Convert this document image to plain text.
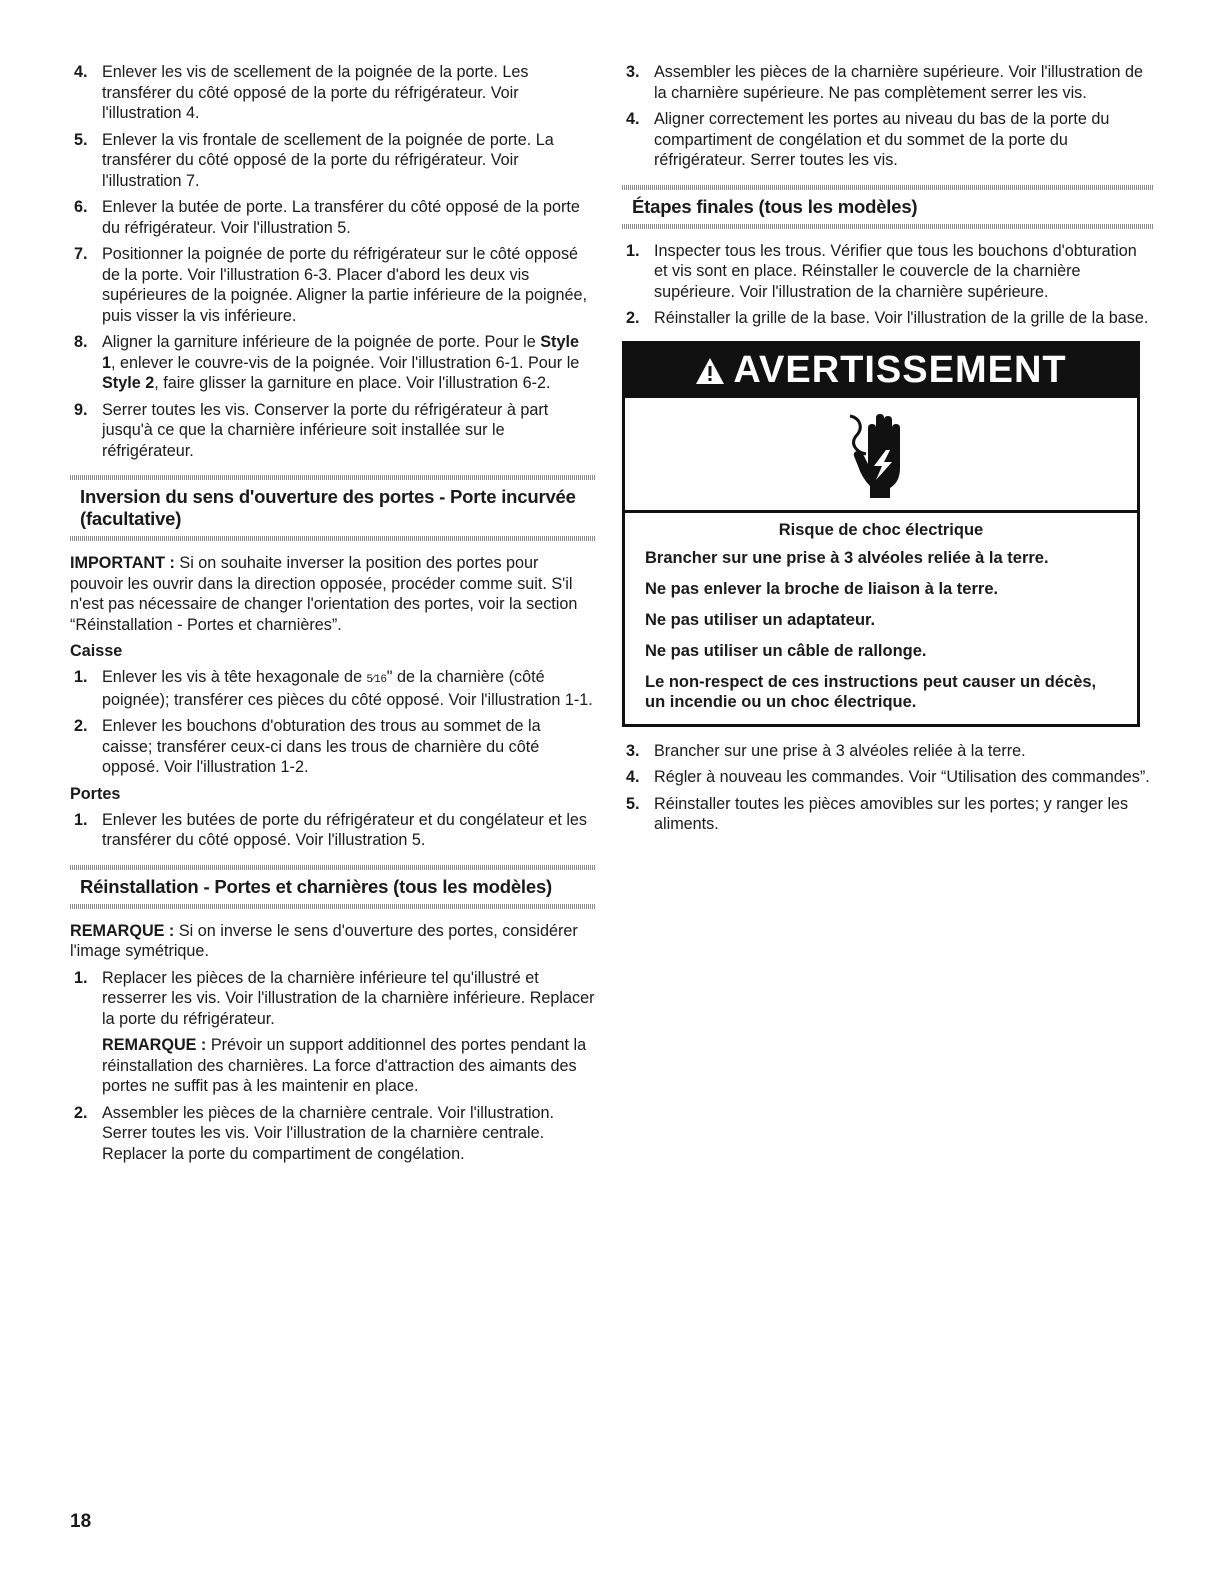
4. Enlever les vis de scellement de la poignée de la porte. Les transférer du côté opposé de la porte du réfrigérateur. Voir l'illustration 4.
5. Enlever la vis frontale de scellement de la poignée de porte. La transférer du côté opposé de la porte du réfrigérateur. Voir l'illustration 7.
6. Enlever la butée de porte. La transférer du côté opposé de la porte du réfrigérateur. Voir l'illustration 5.
7. Positionner la poignée de porte du réfrigérateur sur le côté opposé de la porte. Voir l'illustration 6-3. Placer d'abord les deux vis supérieures de la poignée. Aligner la partie inférieure de la poignée, puis visser la vis inférieure.
8. Aligner la garniture inférieure de la poignée de porte. Pour le Style 1, enlever le couvre-vis de la poignée. Voir l'illustration 6-1. Pour le Style 2, faire glisser la garniture en place. Voir l'illustration 6-2.
9. Serrer toutes les vis. Conserver la porte du réfrigérateur à part jusqu'à ce que la charnière inférieure soit installée sur le réfrigérateur.
Inversion du sens d'ouverture des portes - Porte incurvée (facultative)

IMPORTANT : Si on souhaite inverser la position des portes pour pouvoir les ouvrir dans la direction opposée, procéder comme suit. S'il n'est pas nécessaire de changer l'orientation des portes, voir la section “Réinstallation - Portes et charnières”.

Caisse
1. Enlever les vis à tête hexagonale de 5⁄16" de la charnière (côté poignée); transférer ces pièces du côté opposé. Voir l'illustration 1-1.
2. Enlever les bouchons d'obturation des trous au sommet de la caisse; transférer ceux-ci dans les trous de charnière du côté opposé. Voir l'illustration 1-2.
Portes
1. Enlever les butées de porte du réfrigérateur et du congélateur et les transférer du côté opposé. Voir l'illustration 5.
Réinstallation - Portes et charnières (tous les modèles)

REMARQUE : Si on inverse le sens d'ouverture des portes, considérer l'image symétrique.

1. Replacer les pièces de la charnière inférieure tel qu'illustré et resserrer les vis. Voir l'illustration de la charnière inférieure. Replacer la porte du réfrigérateur.
REMARQUE : Prévoir un support additionnel des portes pendant la réinstallation des charnières. La force d'attraction des aimants des portes ne suffit pas à les maintenir en place.
2. Assembler les pièces de la charnière centrale. Voir l'illustration. Serrer toutes les vis. Voir l'illustration de la charnière centrale. Replacer la porte du compartiment de congélation.
3. Assembler les pièces de la charnière supérieure. Voir l'illustration de la charnière supérieure. Ne pas complètement serrer les vis.
4. Aligner correctement les portes au niveau du bas de la porte du compartiment de congélation et du sommet de la porte du réfrigérateur. Serrer toutes les vis.
Étapes finales (tous les modèles)
1. Inspecter tous les trous. Vérifier que tous les bouchons d'obturation et vis sont en place. Réinstaller le couvercle de la charnière supérieure. Voir l'illustration de la charnière supérieure.
2. Réinstaller la grille de la base. Voir l'illustration de la grille de la base.
AVERTISSEMENT
Risque de choc électrique
Brancher sur une prise à 3 alvéoles reliée à la terre.
Ne pas enlever la broche de liaison à la terre.
Ne pas utiliser un adaptateur.
Ne pas utiliser un câble de rallonge.
Le non-respect de ces instructions peut causer un décès, un incendie ou un choc électrique.
3. Brancher sur une prise à 3 alvéoles reliée à la terre.
4. Régler à nouveau les commandes. Voir “Utilisation des commandes”.
5. Réinstaller toutes les pièces amovibles sur les portes; y ranger les aliments.
18
